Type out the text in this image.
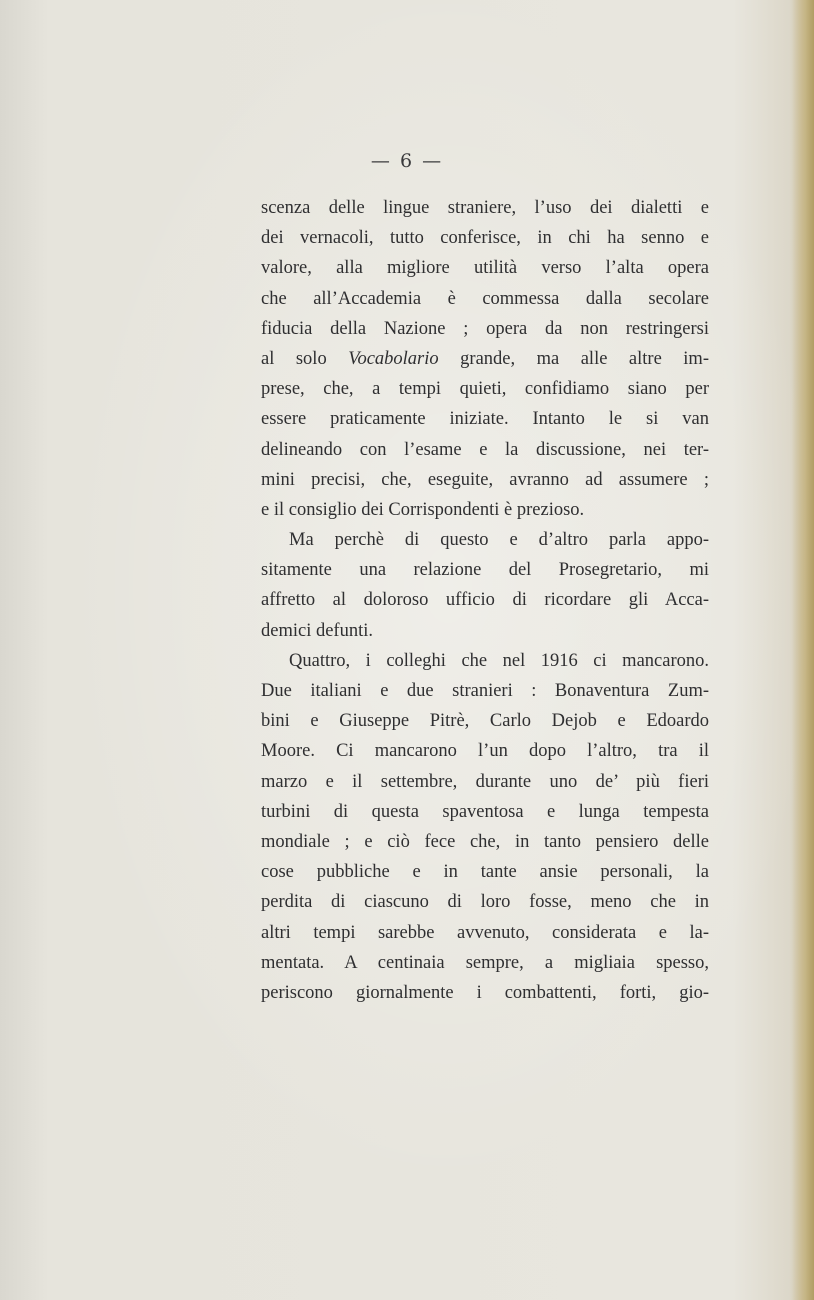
— 6 —
scenza delle lingue straniere, l’uso dei dialetti e
dei vernacoli, tutto conferisce, in chi ha senno e
valore, alla migliore utilità verso l’alta opera
che all’Accademia è commessa dalla secolare
fiducia della Nazione ; opera da non restringersi
al solo Vocabolario grande, ma alle altre im-
prese, che, a tempi quieti, confidiamo siano per
essere praticamente iniziate. Intanto le si van
delineando con l’esame e la discussione, nei ter-
mini precisi, che, eseguite, avranno ad assumere ;
e il consiglio dei Corrispondenti è prezioso.
Ma perchè di questo e d’altro parla appo-
sitamente una relazione del Prosegretario, mi
affretto al doloroso ufficio di ricordare gli Acca-
demici defunti.
Quattro, i colleghi che nel 1916 ci mancarono.
Due italiani e due stranieri : Bonaventura Zum-
bini e Giuseppe Pitrè, Carlo Dejob e Edoardo
Moore. Ci mancarono l’un dopo l’altro, tra il
marzo e il settembre, durante uno de’ più fieri
turbini di questa spaventosa e lunga tempesta
mondiale ; e ciò fece che, in tanto pensiero delle
cose pubbliche e in tante ansie personali, la
perdita di ciascuno di loro fosse, meno che in
altri tempi sarebbe avvenuto, considerata e la-
mentata. A centinaia sempre, a migliaia spesso,
periscono giornalmente i combattenti, forti, gio-
